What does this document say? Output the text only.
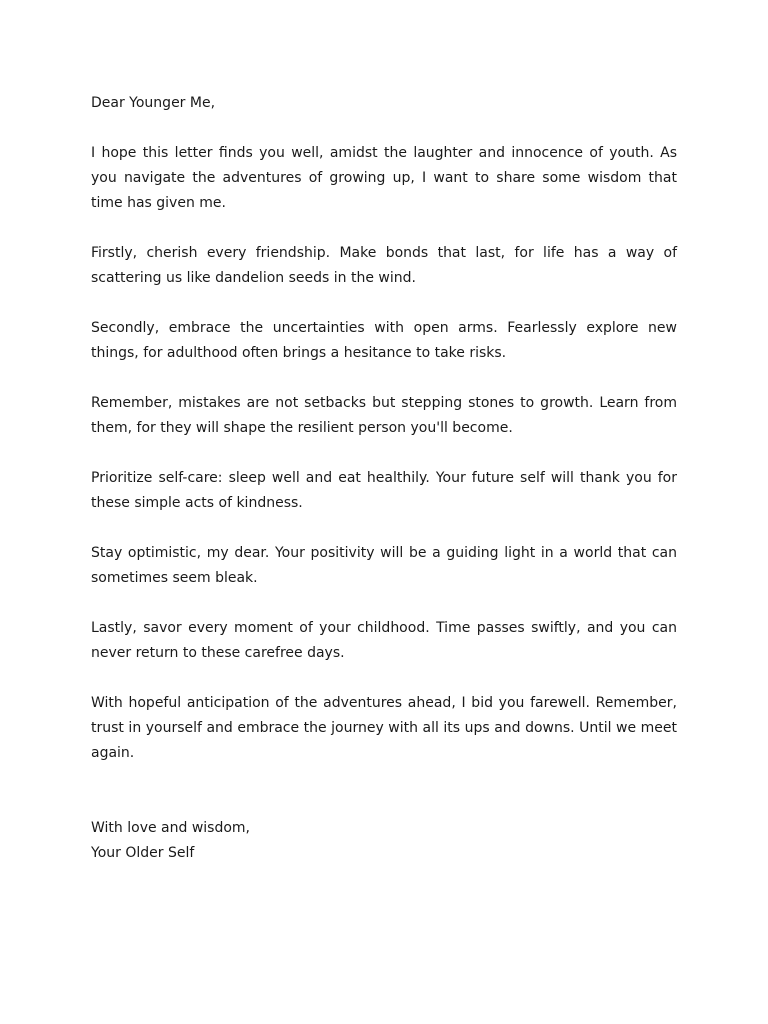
Dear Younger Me,

I hope this letter finds you well, amidst the laughter and innocence of youth. As you navigate the adventures of growing up, I want to share some wisdom that time has given me.

Firstly, cherish every friendship. Make bonds that last, for life has a way of scattering us like dandelion seeds in the wind.

Secondly, embrace the uncertainties with open arms. Fearlessly explore new things, for adulthood often brings a hesitance to take risks.

Remember, mistakes are not setbacks but stepping stones to growth. Learn from them, for they will shape the resilient person you'll become.

Prioritize self-care: sleep well and eat healthily. Your future self will thank you for these simple acts of kindness.

Stay optimistic, my dear. Your positivity will be a guiding light in a world that can sometimes seem bleak.

Lastly, savor every moment of your childhood. Time passes swiftly, and you can never return to these carefree days.

With hopeful anticipation of the adventures ahead, I bid you farewell. Remember, trust in yourself and embrace the journey with all its ups and downs. Until we meet again.

With love and wisdom,

Your Older Self
